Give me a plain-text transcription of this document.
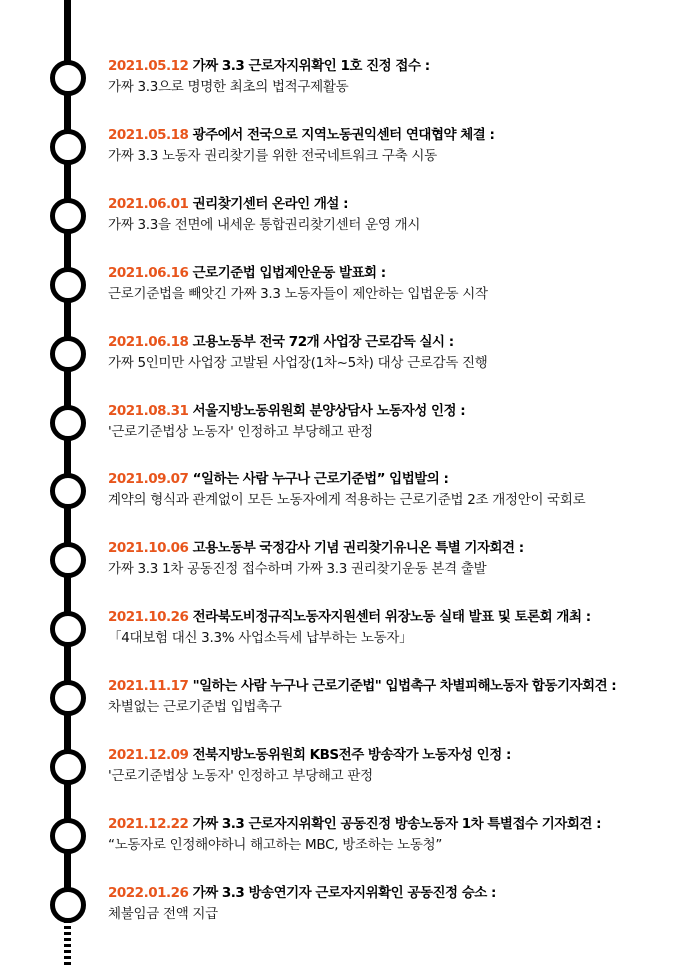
2021.05.12 가짜 3.3 근로자지위확인 1호 진정 접수 :
가짜 3.3으로 명명한 최초의 법적구제활동
2021.05.18 광주에서 전국으로 지역노동권익센터 연대협약 체결 :
가짜 3.3 노동자 권리찾기를 위한 전국네트워크 구축 시동
2021.06.01 권리찾기센터 온라인 개설 :
가짜 3.3을 전면에 내세운 통합권리찾기센터 운영 개시
2021.06.16 근로기준법 입법제안운동 발표회 :
근로기준법을 빼앗긴 가짜 3.3 노동자들이 제안하는 입법운동 시작
2021.06.18 고용노동부 전국 72개 사업장 근로감독 실시 :
가짜 5인미만 사업장 고발된 사업장(1차~5차) 대상 근로감독 진행
2021.08.31 서울지방노동위원회 분양상담사 노동자성 인정 :
'근로기준법상 노동자' 인정하고 부당해고 판정
2021.09.07 “일하는 사람 누구나 근로기준법” 입법발의 :
계약의 형식과 관계없이 모든 노동자에게 적용하는 근로기준법 2조 개정안이 국회로
2021.10.06 고용노동부 국정감사 기념 권리찾기유니온 특별 기자회견 :
가짜 3.3 1차 공동진정 접수하며 가짜 3.3 권리찾기운동 본격 출발
2021.10.26 전라북도비정규직노동자지원센터 위장노동 실태 발표 및 토론회 개최 :
「4대보험 대신 3.3% 사업소득세 납부하는 노동자」
2021.11.17 "일하는 사람 누구나 근로기준법" 입법촉구 차별피해노동자 합동기자회견 :
차별없는 근로기준법 입법촉구
2021.12.09 전북지방노동위원회 KBS전주 방송작가 노동자성 인정 :
'근로기준법상 노동자' 인정하고 부당해고 판정
2021.12.22 가짜 3.3 근로자지위확인 공동진정 방송노동자 1차 특별접수 기자회견 :
“노동자로 인정해야하니 해고하는 MBC, 방조하는 노동청”
2022.01.26 가짜 3.3 방송연기자 근로자지위확인 공동진정 승소 :
체불임금 전액 지급
